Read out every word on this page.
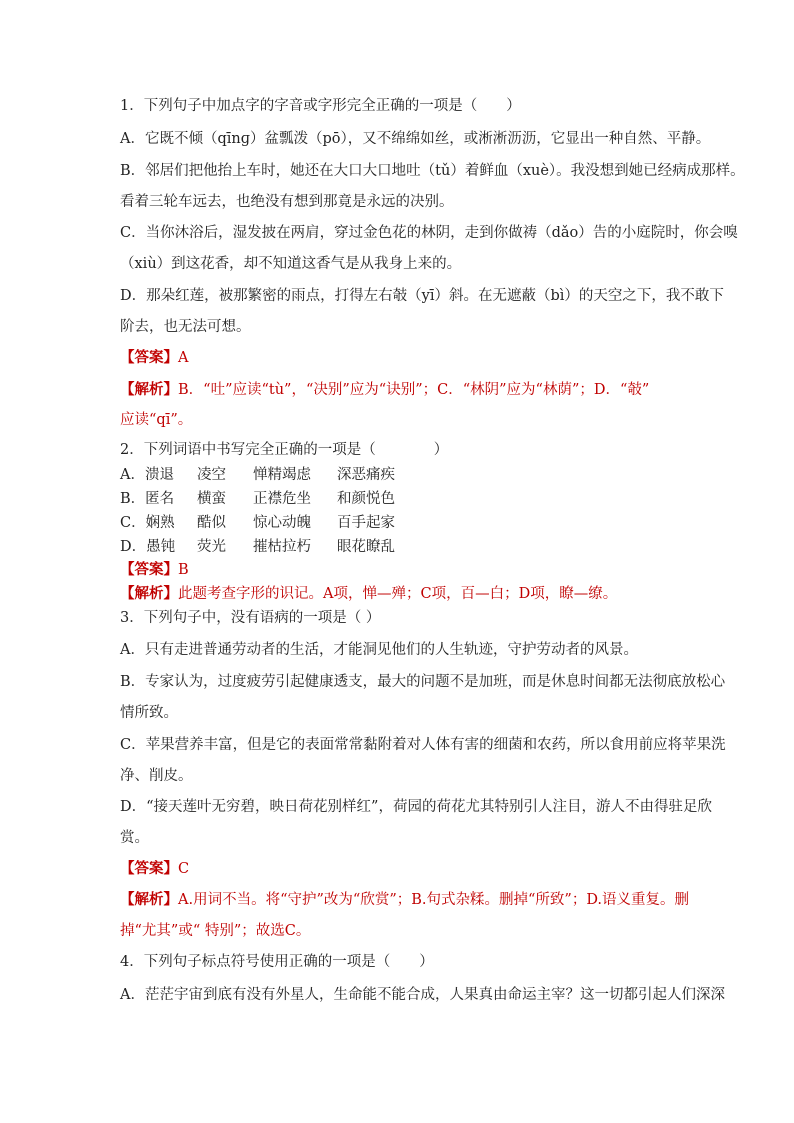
1．下列句子中加点字的字音或字形完全正确的一项是（　　）
A．它既不倾（qīnɡ）盆瓢泼（pō），又不绵绵如丝，或淅淅沥沥，它显出一种自然、平静。
B．邻居们把他抬上车时，她还在大口大口地吐（tǔ）着鲜血（xuè）。我没想到她已经病成那样。
看着三轮车远去，也绝没有想到那竟是永远的决别。
C．当你沐浴后，湿发披在两肩，穿过金色花的林阴，走到你做祷（dǎo）告的小庭院时，你会嗅
（xiù）到这花香，却不知道这香气是从我身上来的。
D．那朵红莲，被那繁密的雨点，打得左右攲（yī）斜。在无遮蔽（bì）的天空之下，我不敢下
阶去，也无法可想。
【答案】A
【解析】B．“吐”应读“tù”，“决别”应为“诀别”；C．“林阴”应为“林荫”；D．“攲”
应读“qī”。
2．下列词语中书写完全正确的一项是（　　　　）
A．溃退 凌空 惮精竭虑 深恶痛疾
B．匿名 横蛮 正襟危坐 和颜悦色
C．娴熟 酷似 惊心动魄 百手起家
D．愚钝 荧光 摧枯拉朽 眼花瞭乱
【答案】B
【解析】此题考查字形的识记。A项，惮—殚；C项，百—白；D项，瞭—缭。
3．下列句子中，没有语病的一项是（ ）
A．只有走进普通劳动者的生活，才能洞见他们的人生轨迹，守护劳动者的风景。
B．专家认为，过度疲劳引起健康透支，最大的问题不是加班，而是休息时间都无法彻底放松心
情所致。
C．苹果营养丰富，但是它的表面常常黏附着对人体有害的细菌和农药，所以食用前应将苹果洗
净、削皮。
D．“接天莲叶无穷碧，映日荷花别样红”，荷园的荷花尤其特别引人注目，游人不由得驻足欣
赏。
【答案】C
【解析】A.用词不当。将“守护”改为“欣赏”；B.句式杂糅。删掉“所致”；D.语义重复。删
掉“尤其”或“ 特别”；故选C。
4．下列句子标点符号使用正确的一项是（　　）
A．茫茫宇宙到底有没有外星人，生命能不能合成，人果真由命运主宰？这一切都引起人们深深
